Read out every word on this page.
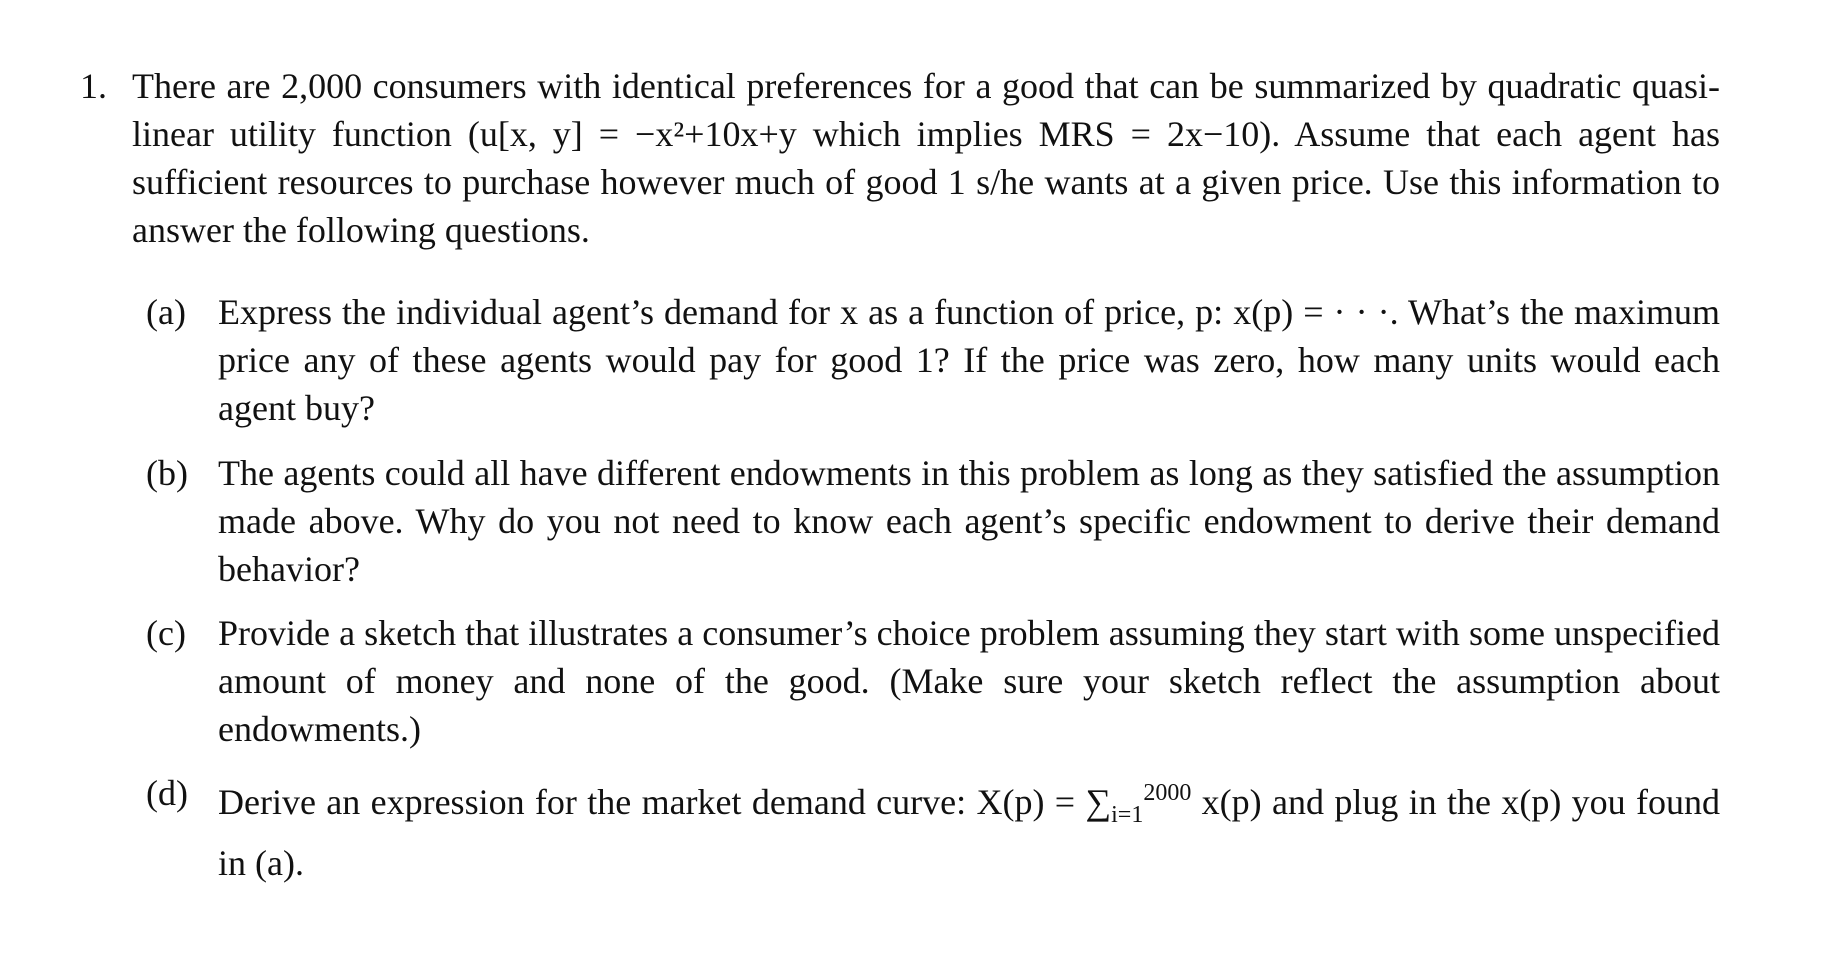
1. There are 2,000 consumers with identical preferences for a good that can be summarized by quadratic quasi-linear utility function (u[x, y] = −x²+10x+y which implies MRS = 2x−10). Assume that each agent has sufficient resources to purchase however much of good 1 s/he wants at a given price. Use this information to answer the following questions.
(a) Express the individual agent’s demand for x as a function of price, p: x(p) = · · ·. What’s the maximum price any of these agents would pay for good 1? If the price was zero, how many units would each agent buy?
(b) The agents could all have different endowments in this problem as long as they satisfied the assumption made above. Why do you not need to know each agent’s specific endowment to derive their demand behavior?
(c) Provide a sketch that illustrates a consumer’s choice problem assuming they start with some unspecified amount of money and none of the good. (Make sure your sketch reflect the assumption about endowments.)
(d) Derive an expression for the market demand curve: $X(p) = \sum_{i=1}^{2000}$ x(p) and plug in the x(p) you found in (a).
